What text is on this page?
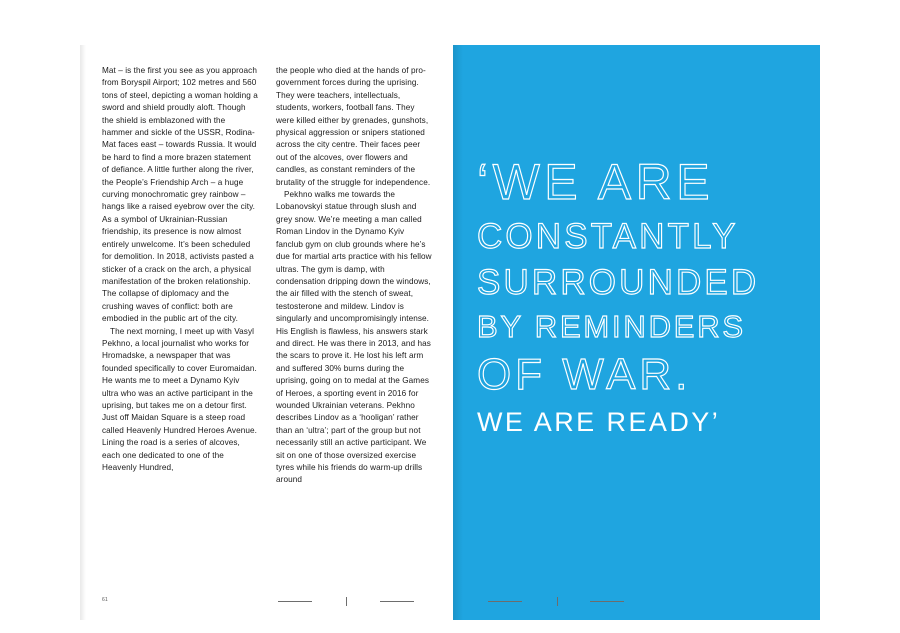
Mat – is the first you see as you approach from Boryspil Airport; 102 metres and 560 tons of steel, depicting a woman holding a sword and shield proudly aloft. Though the shield is emblazoned with the hammer and sickle of the USSR, Rodina-Mat faces east – towards Russia. It would be hard to find a more brazen statement of defiance. A little further along the river, the People’s Friendship Arch – a huge curving monochromatic grey rainbow – hangs like a raised eyebrow over the city. As a symbol of Ukrainian-Russian friendship, its presence is now almost entirely unwelcome. It’s been scheduled for demolition. In 2018, activists pasted a sticker of a crack on the arch, a physical manifestation of the broken relationship. The collapse of diplomacy and the crushing waves of conflict: both are embodied in the public art of the city.

The next morning, I meet up with Vasyl Pekhno, a local journalist who works for Hromadske, a newspaper that was founded specifically to cover Euromaidan. He wants me to meet a Dynamo Kyiv ultra who was an active participant in the uprising, but takes me on a detour first. Just off Maidan Square is a steep road called Heavenly Hundred Heroes Avenue. Lining the road is a series of alcoves, each one dedicated to one of the Heavenly Hundred,

the people who died at the hands of pro-government forces during the uprising. They were teachers, intellectuals, students, workers, football fans. They were killed either by grenades, gunshots, physical aggression or snipers stationed across the city centre. Their faces peer out of the alcoves, over flowers and candles, as constant reminders of the brutality of the struggle for independence.

Pekhno walks me towards the Lobanovskyi statue through slush and grey snow. We’re meeting a man called Roman Lindov in the Dynamo Kyiv fanclub gym on club grounds where he’s due for martial arts practice with his fellow ultras. The gym is damp, with condensation dripping down the windows, the air filled with the stench of sweat, testosterone and mildew. Lindov is singularly and uncompromisingly intense. His English is flawless, his answers stark and direct. He was there in 2013, and has the scars to prove it. He lost his left arm and suffered 30% burns during the uprising, going on to medal at the Games of Heroes, a sporting event in 2016 for wounded Ukrainian veterans. Pekhno describes Lindov as a ‘hooligan’ rather than an ‘ultra’; part of the group but not necessarily still an active participant. We sit on one of those oversized exercise tyres while his friends do warm-up drills around

61
‘WE ARE
CONSTANTLY
SURROUNDED
BY REMINDERS
OF WAR.
WE ARE READY’
